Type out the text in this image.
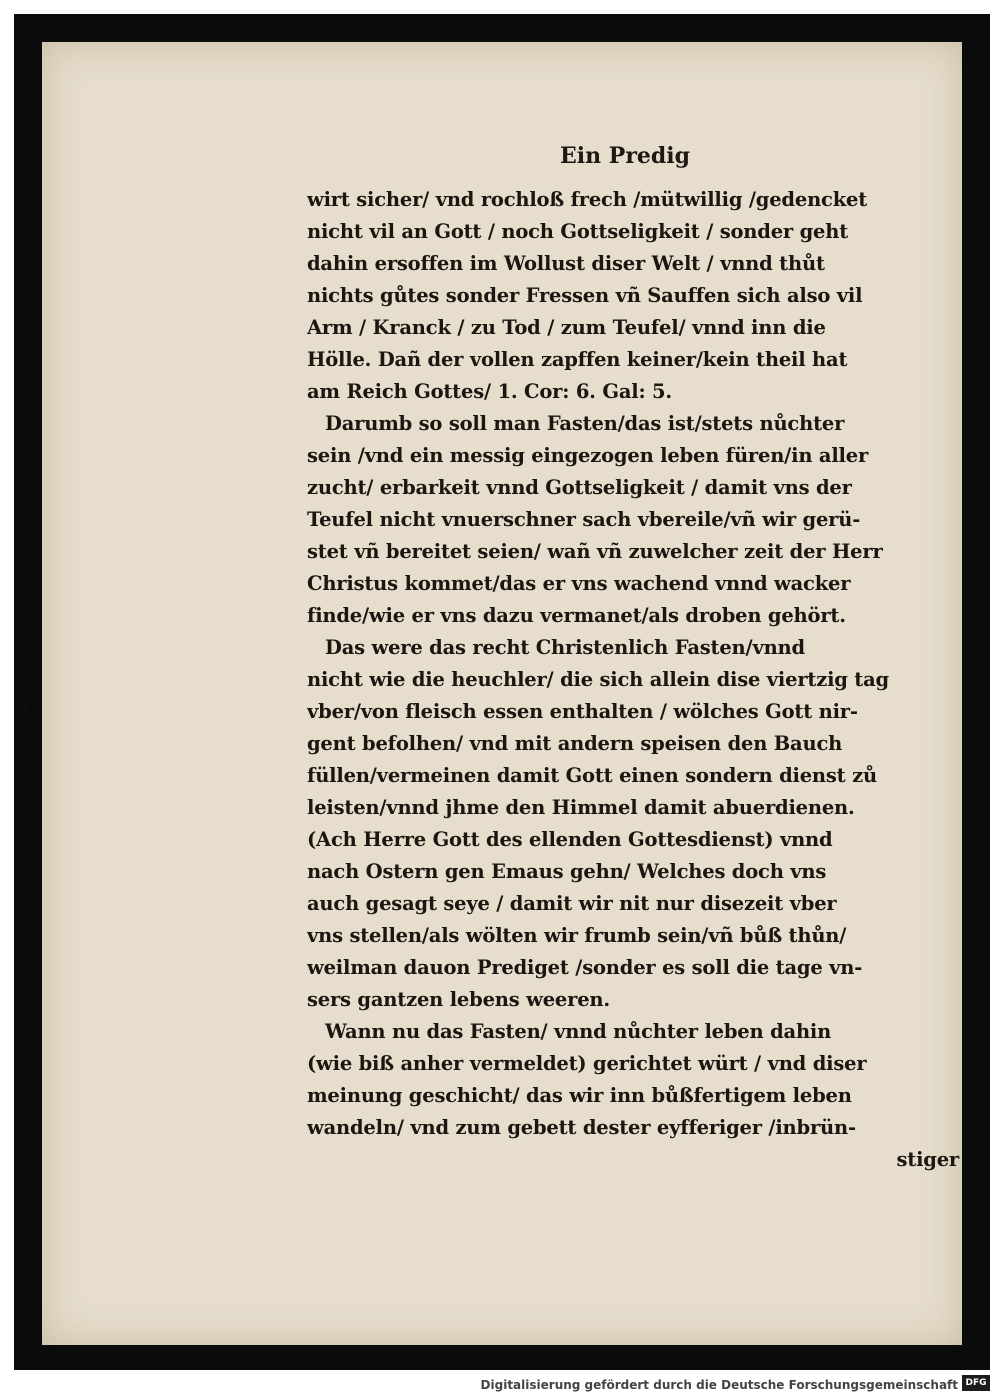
Ein Predig
wirt sicher/ vnd rochloß frech /mütwillig /gedencket
nicht vil an Gott / noch Gottseligkeit / sonder geht
dahin ersoffen im Wollust diser Welt / vnnd thůt
nichts gůtes sonder Fressen vñ Sauffen sich also vil
Arm / Kranck / zu Tod / zum Teufel/ vnnd inn die
Hölle. Dañ der vollen zapffen keiner/kein theil hat
am Reich Gottes/ 1. Cor: 6. Gal: 5.
Darumb so soll man Fasten/das ist/stets nůchter
sein /vnd ein messig eingezogen leben füren/in aller
zucht/ erbarkeit vnnd Gottseligkeit / damit vns der
Teufel nicht vnuerschner sach vbereile/vñ wir gerü-
stet vñ bereitet seien/ wañ vñ zuwelcher zeit der Herr
Christus kommet/das er vns wachend vnnd wacker
finde/wie er vns dazu vermanet/als droben gehört.
Das were das recht Christenlich Fasten/vnnd
nicht wie die heuchler/ die sich allein dise viertzig tag
vber/von fleisch essen enthalten / wölches Gott nir-
gent befolhen/ vnd mit andern speisen den Bauch
füllen/vermeinen damit Gott einen sondern dienst zů
leisten/vnnd jhme den Himmel damit abuerdienen.
(Ach Herre Gott des ellenden Gottesdienst) vnnd
nach Ostern gen Emaus gehn/ Welches doch vns
auch gesagt seye / damit wir nit nur disezeit vber
vns stellen/als wölten wir frumb sein/vñ bůß thůn/
weilman dauon Prediget /sonder es soll die tage vn-
sers gantzen lebens weeren.
Wann nu das Fasten/ vnnd nůchter leben dahin
(wie biß anher vermeldet) gerichtet würt / vnd diser
meinung geschicht/ das wir inn bůßfertigem leben
wandeln/ vnd zum gebett dester eyfferiger /inbrün-
stiger
Digitalisierung gefördert durch die Deutsche Forschungsgemeinschaft DFG
